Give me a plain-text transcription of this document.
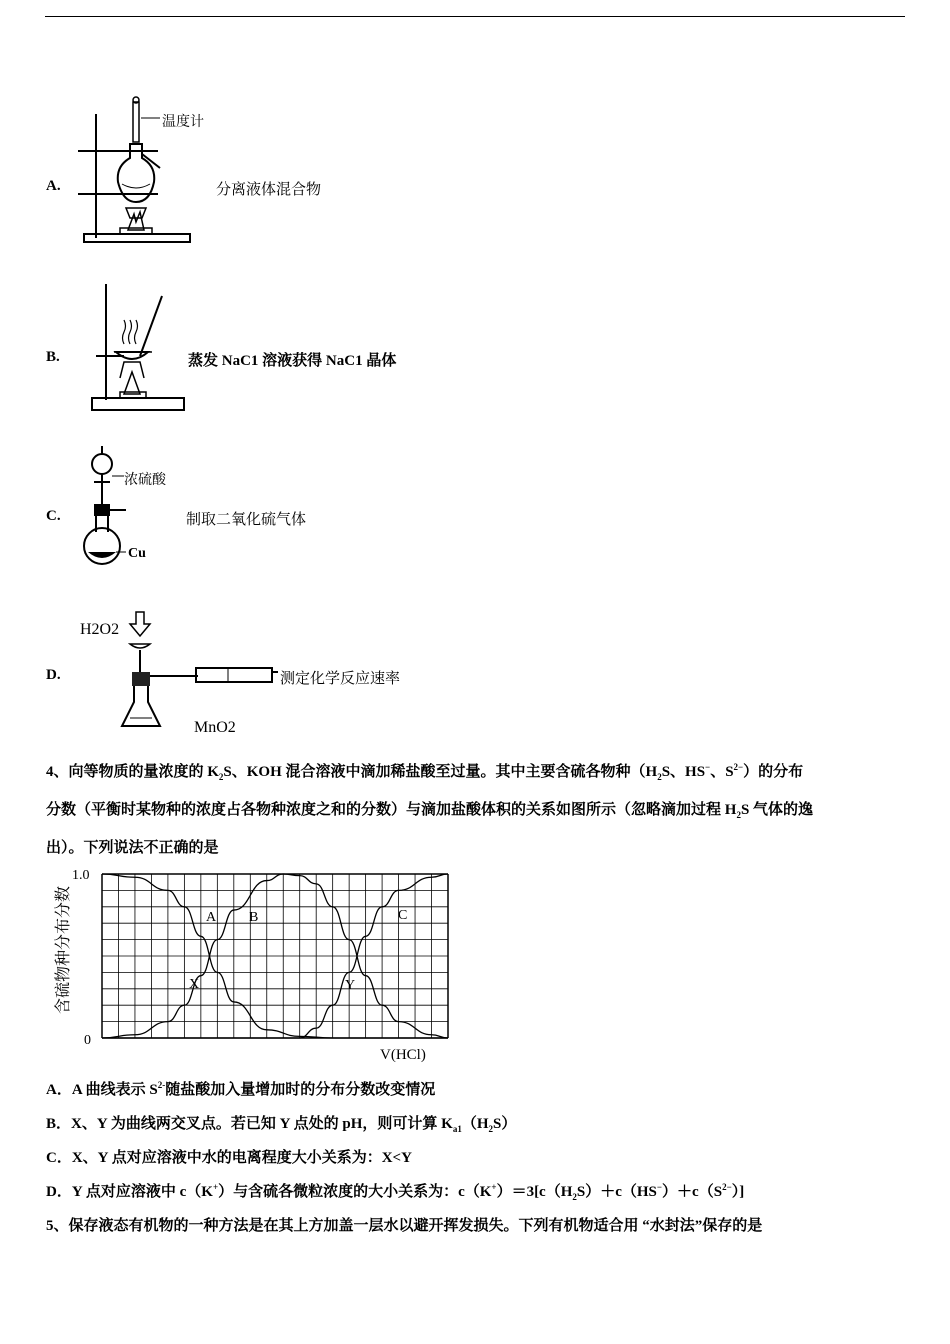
A.
温度计
分离液体混合物
B.	蒸发 NaC1 溶液获得 NaC1 晶体
C.
浓硫酸
Cu
制取二氧化硫气体
D.
H2O2
MnO2
测定化学反应速率
4、向等物质的量浓度的 $K_2S$、KOH 混合溶液中滴加稀盐酸至过量。其中主要含硫各物种（$H_2S$、HS−、$S^{2-}$）的分布
分数（平衡时某物种的浓度占各物种浓度之和的分数）与滴加盐酸体积的关系如图所示（忽略滴加过程 $H_2S$ 气体的逸
出）。下列说法不正确的是
含硫物种分布分数
1.0
0
V(HCl)
A B	C
X	Y
A．A 曲线表示 $S^{2-}$随盐酸加入量增加时的分布分数改变情况
B．X、Y 为曲线两交叉点。若已知 Y 点处的 pH，则可计算 $K_{a1}(H_2S)$
C．X、Y 点对应溶液中水的电离程度大小关系为：X<Y
D．Y 点对应溶液中 c（K+）与含硫各微粒浓度的大小关系为：$c(K^+)=3[c(H_2S)+c(HS^-)+c(S^{2-})]$
5、保存液态有机物的一种方法是在其上方加盖一层水以避开挥发损失。下列有机物适合用 “水封法”保存的是
